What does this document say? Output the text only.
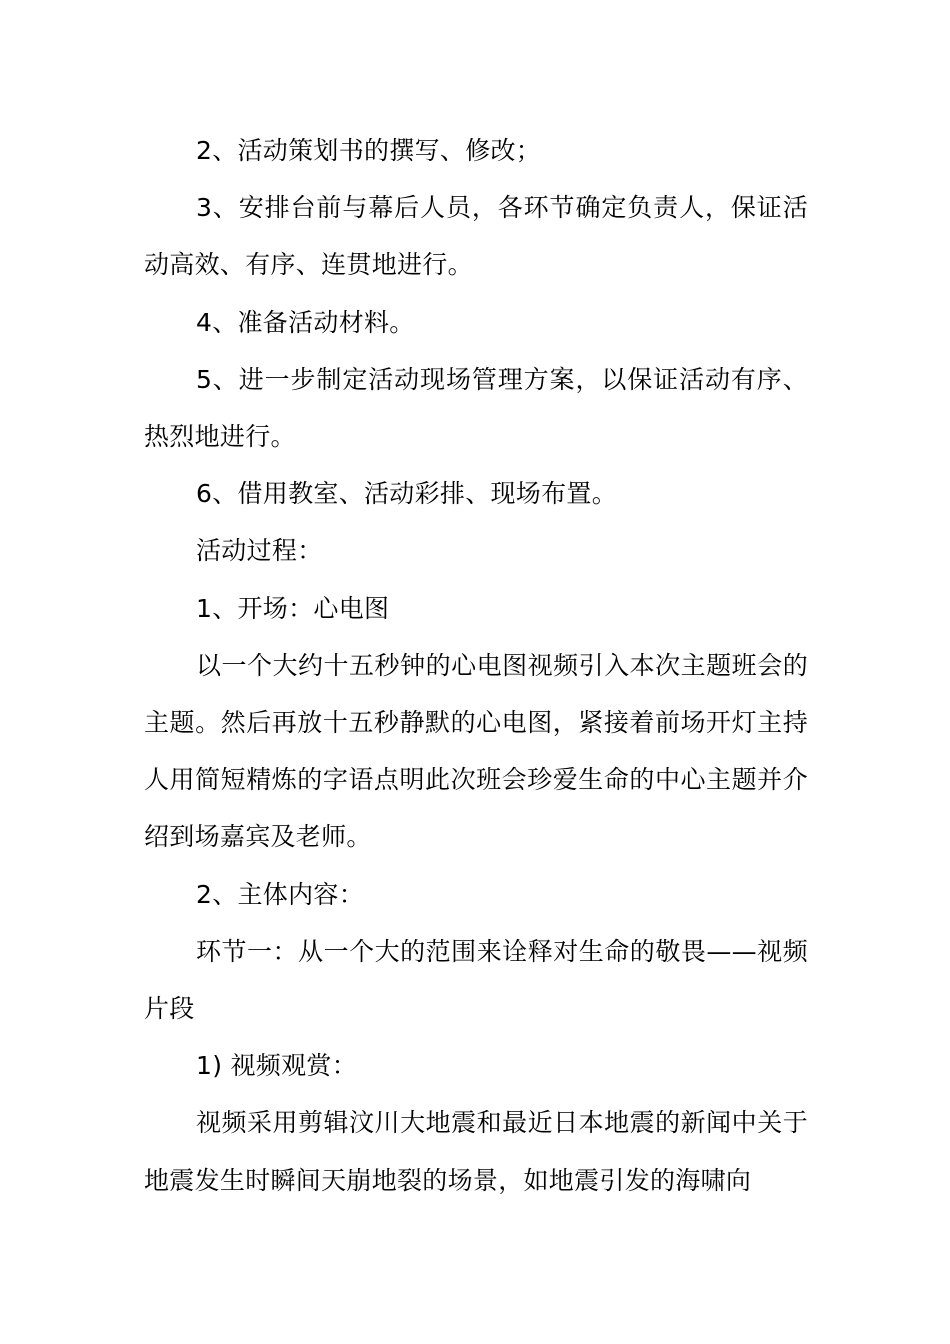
2、活动策划书的撰写、修改；

3、安排台前与幕后人员，各环节确定负责人，保证活动高效、有序、连贯地进行。

4、准备活动材料。

5、进一步制定活动现场管理方案，以保证活动有序、热烈地进行。

6、借用教室、活动彩排、现场布置。

活动过程：

1、开场：心电图

以一个大约十五秒钟的心电图视频引入本次主题班会的主题。然后再放十五秒静默的心电图，紧接着前场开灯主持人用简短精炼的字语点明此次班会珍爱生命的中心主题并介绍到场嘉宾及老师。

2、主体内容：

环节一：从一个大的范围来诠释对生命的敬畏——视频片段

1) 视频观赏：

视频采用剪辑汶川大地震和最近日本地震的新闻中关于地震发生时瞬间天崩地裂的场景，如地震引发的海啸向
